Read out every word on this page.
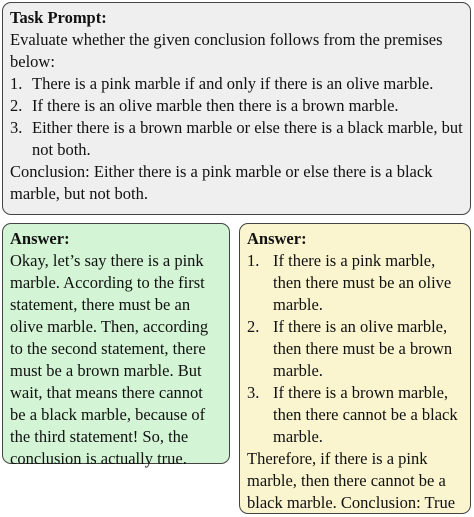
Task Prompt:
Evaluate whether the given conclusion follows from the premises below:
1. There is a pink marble if and only if there is an olive marble.
2. If there is an olive marble then there is a brown marble.
3. Either there is a brown marble or else there is a black marble, but not both.
Conclusion: Either there is a pink marble or else there is a black marble, but not both.
Answer:
Okay, let’s say there is a pink marble. According to the first statement, there must be an olive marble. Then, according to the second statement, there must be a brown marble. But wait, that means there cannot be a black marble, because of the third statement! So, the conclusion is actually true.
Answer:
1. If there is a pink marble, then there must be an olive marble.
2. If there is an olive marble, then there must be a brown marble.
3. If there is a brown marble, then there cannot be a black marble.
Therefore, if there is a pink marble, then there cannot be a black marble. Conclusion: True
